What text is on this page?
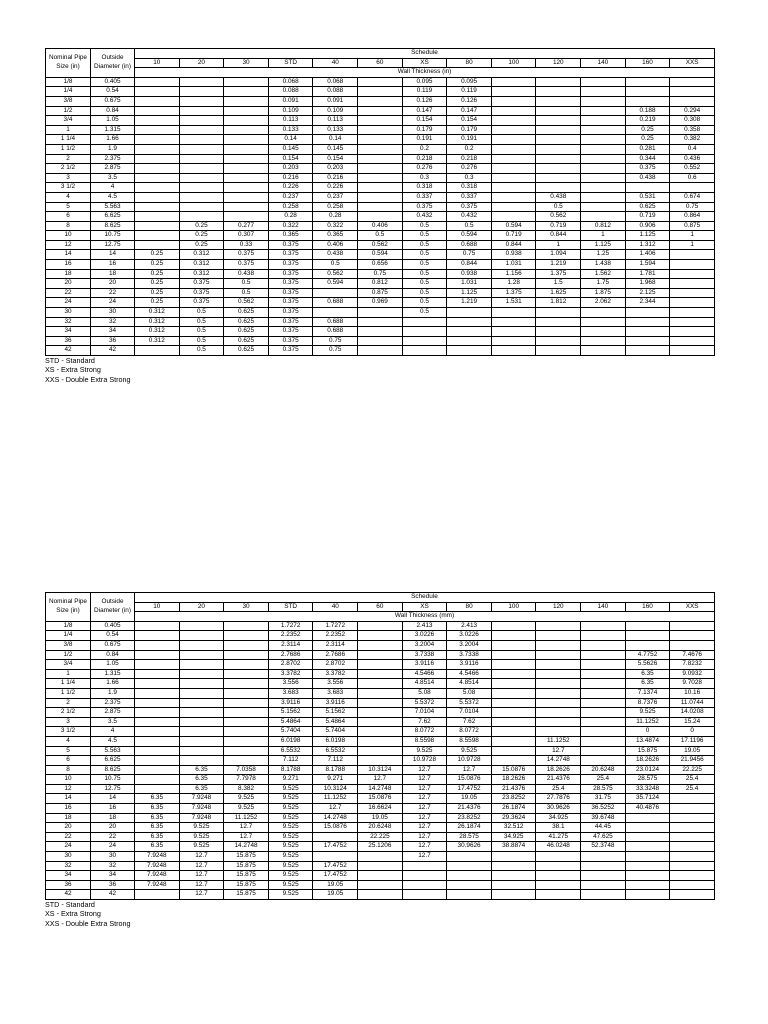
Nominal Pipe Size (in)	Outside Diameter (in)	Schedule												
		10	20	30	STD	40	60	XS	80	100	120	140	160	XXS
		Wall Thickness (in)												
1/8	0.405				0.068	0.068		0.095	0.095					
1/4	0.54				0.088	0.088		0.119	0.119					
3/8	0.675				0.091	0.091		0.126	0.126					
1/2	0.84				0.109	0.109		0.147	0.147				0.188	0.294
3/4	1.05				0.113	0.113		0.154	0.154				0.219	0.308
1	1.315				0.133	0.133		0.179	0.179				0.25	0.358
1 1/4	1.66				0.14	0.14		0.191	0.191				0.25	0.382
1 1/2	1.9				0.145	0.145		0.2	0.2				0.281	0.4
2	2.375				0.154	0.154		0.218	0.218				0.344	0.436
2 1/2	2.875				0.203	0.203		0.276	0.276				0.375	0.552
3	3.5				0.216	0.216		0.3	0.3				0.438	0.6
3 1/2	4				0.226	0.226		0.318	0.318					
4	4.5				0.237	0.237		0.337	0.337		0.438		0.531	0.674
5	5.563				0.258	0.258		0.375	0.375		0.5		0.625	0.75
6	6.625				0.28	0.28		0.432	0.432		0.562		0.719	0.864
8	8.625		0.25	0.277	0.322	0.322	0.406	0.5	0.5	0.594	0.719	0.812	0.906	0.875
10	10.75		0.25	0.307	0.365	0.365	0.5	0.5	0.594	0.719	0.844	1	1.125	1
12	12.75		0.25	0.33	0.375	0.406	0.562	0.5	0.688	0.844	1	1.125	1.312	1
14	14	0.25	0.312	0.375	0.375	0.438	0.594	0.5	0.75	0.938	1.094	1.25	1.406	
16	16	0.25	0.312	0.375	0.375	0.5	0.656	0.5	0.844	1.031	1.219	1.438	1.594	
18	18	0.25	0.312	0.438	0.375	0.562	0.75	0.5	0.938	1.156	1.375	1.562	1.781	
20	20	0.25	0.375	0.5	0.375	0.594	0.812	0.5	1.031	1.28	1.5	1.75	1.968	
22	22	0.25	0.375	0.5	0.375		0.875	0.5	1.125	1.375	1.625	1.875	2.125	
24	24	0.25	0.375	0.562	0.375	0.688	0.969	0.5	1.219	1.531	1.812	2.062	2.344	
30	30	0.312	0.5	0.625	0.375			0.5						
32	32	0.312	0.5	0.625	0.375	0.688								
34	34	0.312	0.5	0.625	0.375	0.688								
36	36	0.312	0.5	0.625	0.375	0.75								
42	42		0.5	0.625	0.375	0.75								
STD - Standard
XS - Extra Strong
XXS - Double Extra Strong
Nominal Pipe Size (in)	Outside Diameter (in)	Schedule												
		10	20	30	STD	40	60	XS	80	100	120	140	160	XXS
		Wall Thickness (mm)												
1/8	0.405				1.7272	1.7272		2.413	2.413					
1/4	0.54				2.2352	2.2352		3.0226	3.0226					
3/8	0.675				2.3114	2.3114		3.2004	3.2004					
1/2	0.84				2.7686	2.7686		3.7338	3.7338				4.7752	7.4676
3/4	1.05				2.8702	2.8702		3.9116	3.9116				5.5626	7.8232
1	1.315				3.3782	3.3782		4.5466	4.5466				6.35	9.0932
1 1/4	1.66				3.556	3.556		4.8514	4.8514				6.35	9.7028
1 1/2	1.9				3.683	3.683		5.08	5.08				7.1374	10.16
2	2.375				3.9116	3.9116		5.5372	5.5372				8.7376	11.0744
2 1/2	2.875				5.1562	5.1562		7.0104	7.0104				9.525	14.0208
3	3.5				5.4864	5.4864		7.62	7.62				11.1252	15.24
3 1/2	4				5.7404	5.7404		8.0772	8.0772				0	0
4	4.5				6.0198	6.0198		8.5598	8.5598		11.1252		13.4874	17.1196
5	5.563				6.5532	6.5532		9.525	9.525		12.7		15.875	19.05
6	6.625				7.112	7.112		10.9728	10.9728		14.2748		18.2626	21.9456
8	8.625		6.35	7.0358	8.1788	8.1788	10.3124	12.7	12.7	15.0876	18.2626	20.6248	23.0124	22.225
10	10.75		6.35	7.7978	9.271	9.271	12.7	12.7	15.0876	18.2626	21.4376	25.4	28.575	25.4
12	12.75		6.35	8.382	9.525	10.3124	14.2748	12.7	17.4752	21.4376	25.4	28.575	33.3248	25.4
14	14	6.35	7.9248	9.525	9.525	11.1252	15.0876	12.7	19.05	23.8252	27.7876	31.75	35.7124	
16	16	6.35	7.9248	9.525	9.525	12.7	16.6624	12.7	21.4376	26.1874	30.9626	36.5252	40.4876	
18	18	6.35	7.9248	11.1252	9.525	14.2748	19.05	12.7	23.8252	29.3624	34.925	39.6748		
20	20	6.35	9.525	12.7	9.525	15.0876	20.6248	12.7	26.1874	32.512	38.1	44.45		
22	22	6.35	9.525	12.7	9.525		22.225	12.7	28.575	34.925	41.275	47.625		
24	24	6.35	9.525	14.2748	9.525	17.4752	25.1206	12.7	30.9626	38.8874	46.0248	52.3748		
30	30	7.9248	12.7	15.875	9.525			12.7						
32	32	7.9248	12.7	15.875	9.525	17.4752								
34	34	7.9248	12.7	15.875	9.525	17.4752								
36	36	7.9248	12.7	15.875	9.525	19.05								
42	42		12.7	15.875	9.525	19.05								
STD - Standard
XS - Extra Strong
XXS - Double Extra Strong
